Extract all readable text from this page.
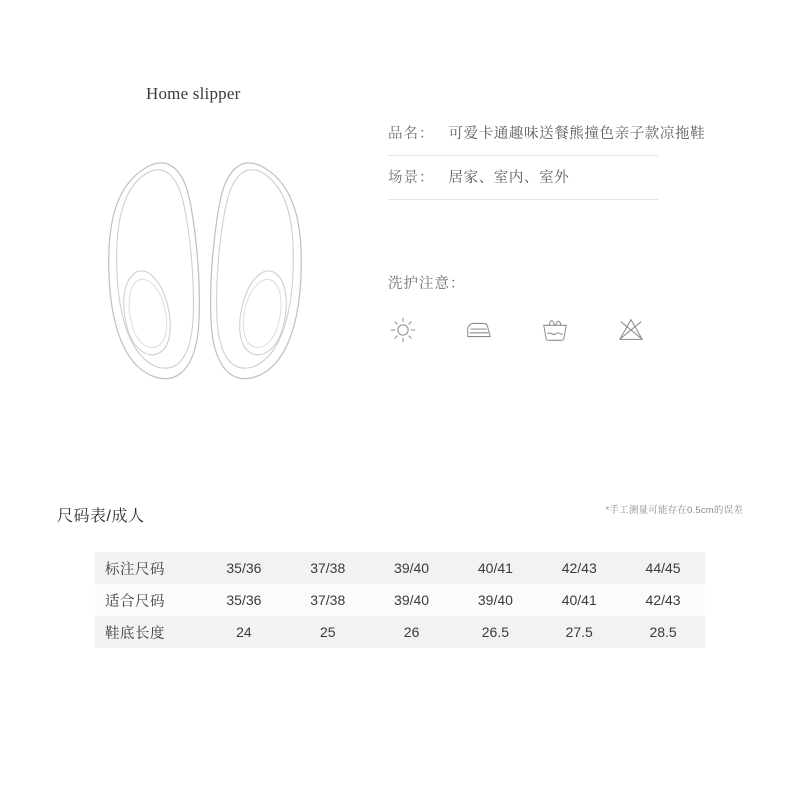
Home slipper
品名： 可爱卡通趣味送餐熊撞色亲子款凉拖鞋
场景： 居家、室内、室外
洗护注意：
尺码表/成人	*手工测量可能存在0.5cm的误差
标注尺码	35/36	37/38	39/40	40/41	42/43	44/45
适合尺码	35/36	37/38	39/40	39/40	40/41	42/43
鞋底长度	24	25	26	26.5	27.5	28.5
